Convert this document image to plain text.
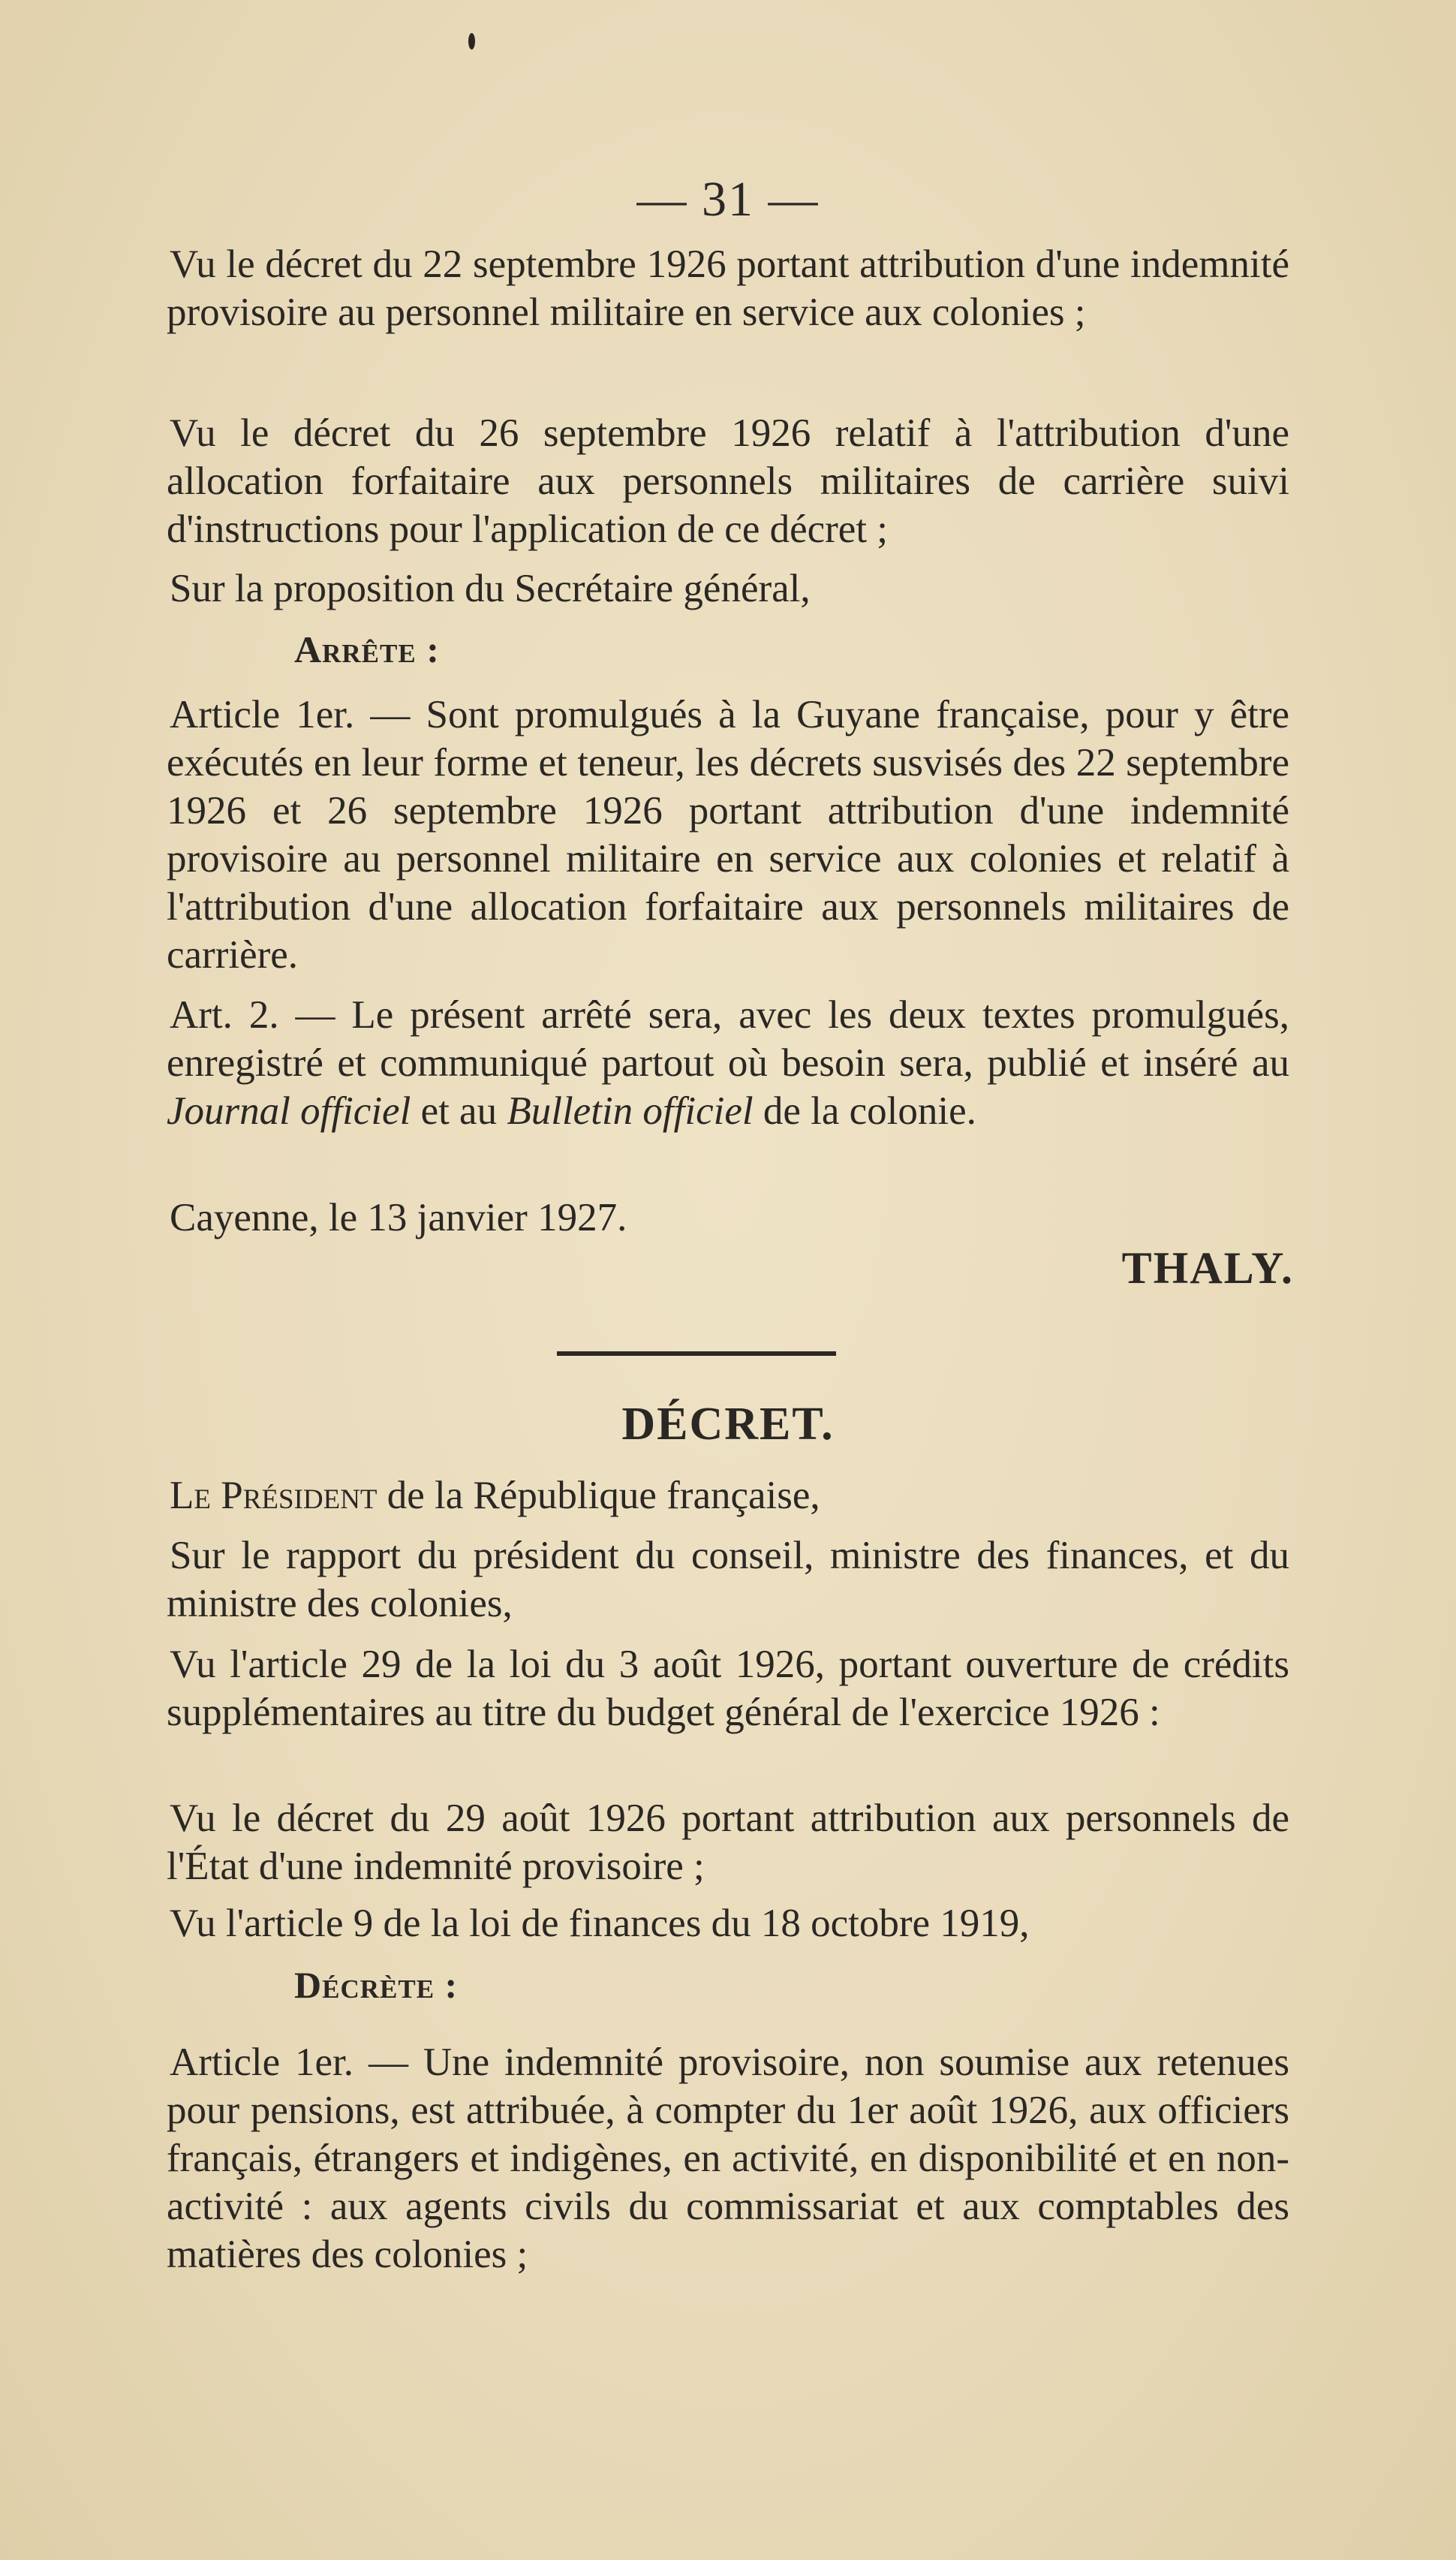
— 31 —

Vu le décret du 22 septembre 1926 portant attribution d'une indemnité provisoire au personnel militaire en service aux colonies ;

Vu le décret du 26 septembre 1926 relatif à l'attribution d'une allocation forfaitaire aux personnels militaires de carrière suivi d'instructions pour l'application de ce décret ;

Sur la proposition du Secrétaire général,

Arrête :

Article 1er. — Sont promulgués à la Guyane française, pour y être exécutés en leur forme et teneur, les décrets susvisés des 22 septembre 1926 et 26 septembre 1926 portant attribution d'une indemnité provisoire au personnel militaire en service aux colonies et relatif à l'attribution d'une allocation forfaitaire aux personnels militaires de carrière.

Art. 2. — Le présent arrêté sera, avec les deux textes promulgués, enregistré et communiqué partout où besoin sera, publié et inséré au Journal officiel et au Bulletin officiel de la colonie.

Cayenne, le 13 janvier 1927.

THALY.
DÉCRET.

Le Président de la République française,

Sur le rapport du président du conseil, ministre des finances, et du ministre des colonies,

Vu l'article 29 de la loi du 3 août 1926, portant ouverture de crédits supplémentaires au titre du budget général de l'exercice 1926 :

Vu le décret du 29 août 1926 portant attribution aux personnels de l'État d'une indemnité provisoire ;

Vu l'article 9 de la loi de finances du 18 octobre 1919,

Décrète :

Article 1er. — Une indemnité provisoire, non soumise aux retenues pour pensions, est attribuée, à compter du 1er août 1926, aux officiers français, étrangers et indigènes, en activité, en disponibilité et en non-activité : aux agents civils du commissariat et aux comptables des matières des colonies ;
